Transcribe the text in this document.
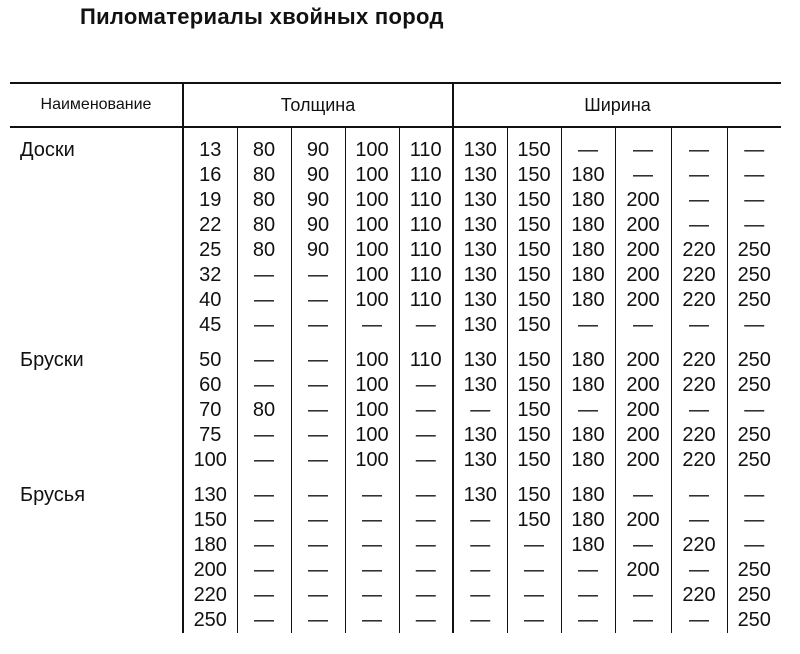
Пиломатериалы хвойных пород
Наименование	Толщина					Ширина					
Доски	13	80	90	100	110	130	150	—	—	—	—
	16	80	90	100	110	130	150	180	—	—	—
	19	80	90	100	110	130	150	180	200	—	—
	22	80	90	100	110	130	150	180	200	—	—
	25	80	90	100	110	130	150	180	200	220	250
	32	—	—	100	110	130	150	180	200	220	250
	40	—	—	100	110	130	150	180	200	220	250
	45	—	—	—	—	130	150	—	—	—	—
Бруски	50	—	—	100	110	130	150	180	200	220	250
	60	—	—	100	—	130	150	180	200	220	250
	70	80	—	100	—	—	150	—	200	—	—
	75	—	—	100	—	130	150	180	200	220	250
	100	—	—	100	—	130	150	180	200	220	250
Брусья	130	—	—	—	—	130	150	180	—	—	—
	150	—	—	—	—	—	150	180	200	—	—
	180	—	—	—	—	—	—	180	—	220	—
	200	—	—	—	—	—	—	—	200	—	250
	220	—	—	—	—	—	—	—	—	220	250
	250	—	—	—	—	—	—	—	—	—	250
